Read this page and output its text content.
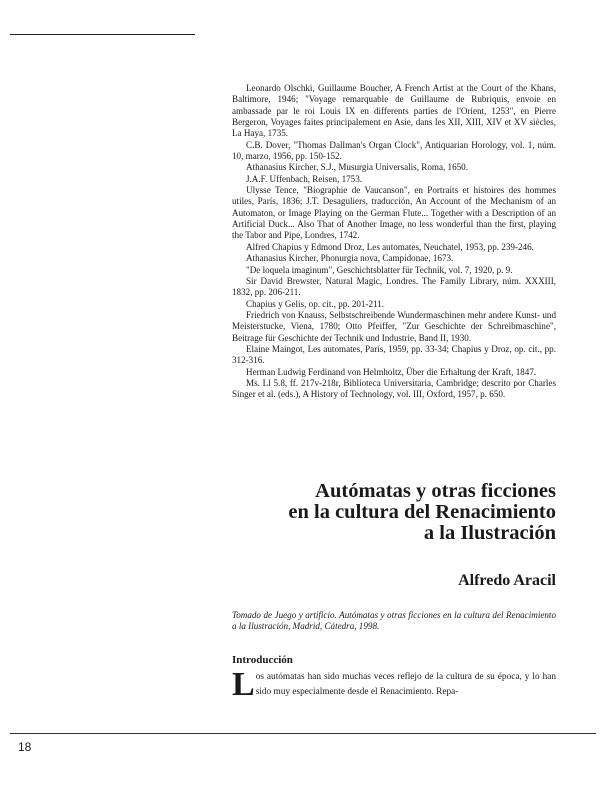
Leonardo Olschki, Guillaume Boucher, A French Artist at the Court of the Khans, Baltimore, 1946; "Voyage remarquable de Guillaume de Rubriquis, envoie en ambassade par le roi Louis IX en differents parties de l'Orient, 1253", en Pierre Bergeron, Voyages faites principalement en Asie, dans les XII, XIII, XIV et XV siècles, La Haya, 1735.

C.B. Dover, "Thomas Dallman's Organ Clock", Antiquarian Horology, vol. 1, núm. 10, marzo, 1956, pp. 150-152.

Athanasius Kircher, S.J., Musurgia Universalis, Roma, 1650.

J.A.F. Uffenbach, Reisen, 1753.

Ulysse Tence, "Biographie de Vaucanson", en Portraits et histoires des hommes utiles, París, 1836; J.T. Desaguliers, traducción, An Account of the Mechanism of an Automaton, or Image Playing on the German Flute... Together with a Description of an Artificial Duck... Also That of Another Image, no less wonderful than the first, playing the Tabor and Pipe, Londres, 1742.

Alfred Chapius y Edmond Droz, Les automates, Neuchatel, 1953, pp. 239-246.

Athanasius Kircher, Phonurgia nova, Campidonae, 1673.

"De loquela imaginum", Geschichtsblatter für Technik, vol. 7, 1920, p. 9.

Sir David Brewster, Natural Magic, Londres. The Family Library, núm. XXXIII, 1832, pp. 206-211.

Chapius y Gelis, op. cit., pp. 201-211.

Friedrich von Knauss, Selbstschreibende Wundermaschinen mehr andere Kunst- und Meisterstucke, Viena, 1780; Otto Pfeiffer, "Zur Geschichte der Schreibmaschine", Beitrage für Geschichte der Technik und Industrie, Band II, 1930.

Elaine Maingot, Les automates, París, 1959, pp. 33-34; Chapius y Droz, op. cit., pp. 312-316.

Herman Ludwig Ferdinand von Helmholtz, Über die Erhaltung der Kraft, 1847.

Ms. Ll 5.8, ff. 217v-218r, Biblioteca Universitaria, Cambridge; descrito por Charles Singer et al. (eds.), A History of Technology, vol. III, Oxford, 1957, p. 650.

Autómatas y otras ficciones
en la cultura del Renacimiento
a la Ilustración
Alfredo Aracil
Tomado de Juego y artificio. Autómatas y otras ficciones en la cultura del Renacimiento a la Ilustración, Madrid, Cátedra, 1998.
Introducción
Los autómatas han sido muchas veces reflejo de la cultura de su época, y lo han sido muy especialmente desde el Renacimiento. Repa-
18
